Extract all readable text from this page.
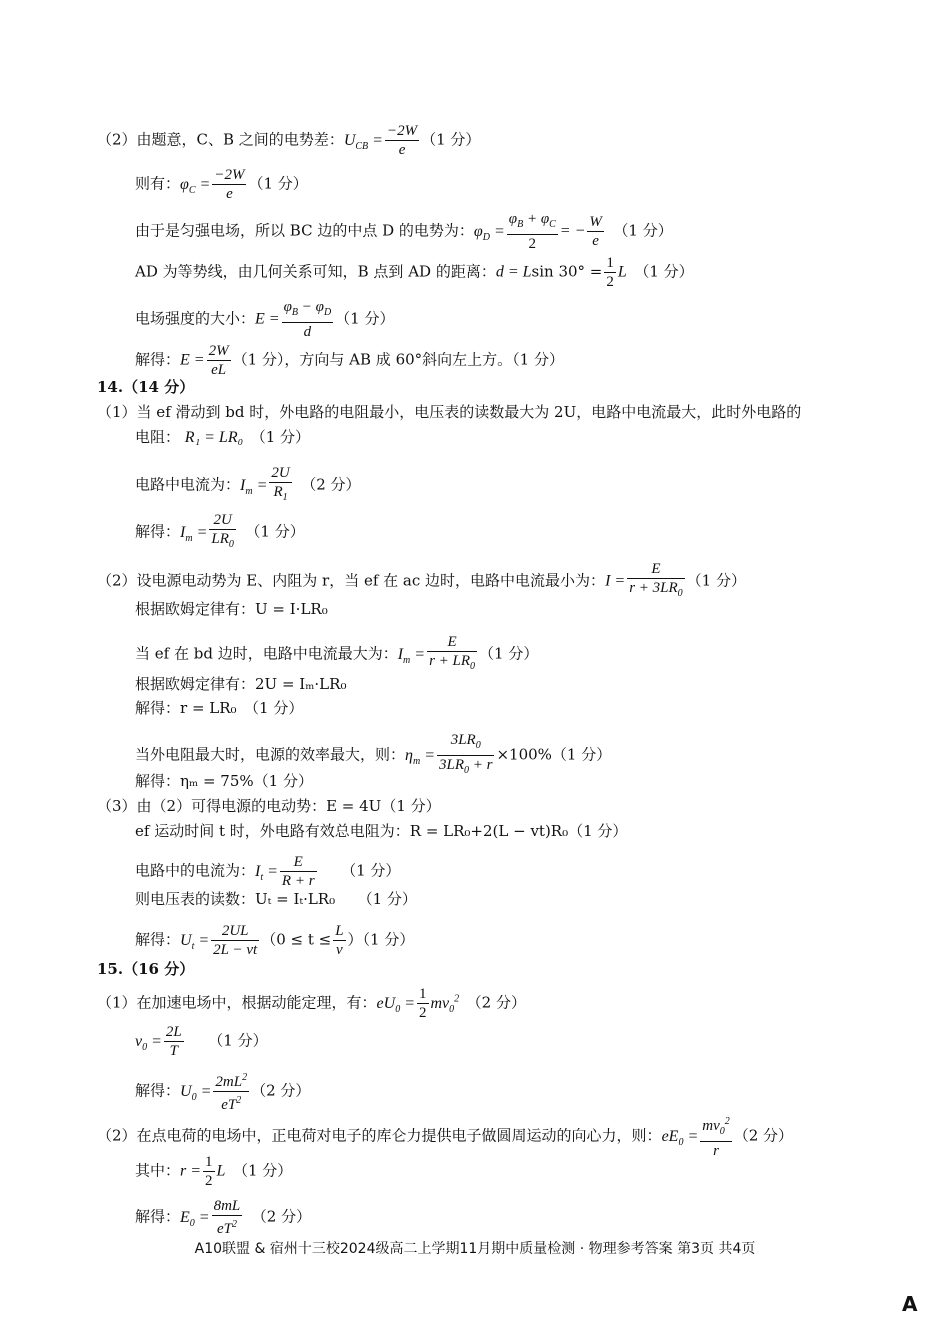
（2）由题意，C、B 之间的电势差：$U_{CB} = \frac{-2W}{e} (1$ 分）
则有：$\varphi_C = \frac{-2W}{e} (1$ 分）
由于是匀强电场，所以 BC 边的中点 D 的电势为：$\varphi_D = \frac{\varphi_B + \varphi_C}{2}$ = − $\frac{W}{e}$
　 （1 分）
AD 为等势线，由几何关系可知，B 点到 AD 的距离：d = Lsin $30^\circ = \frac{1}{2}$ L　 （1 分）
电场强度的大小：$E = \frac{\varphi_B - \varphi_D}{d} (1$ 分）
解得：$E = \frac{2W}{eL} (1$ 分），方向与 AB 成 60°斜向左上方。（1 分）
14.（14 分）
（1）当 ef 滑动到 bd 时，外电路的电阻最小，电压表的读数最大为 2U，电路中电流最大，此时外电路的
电阻： R₁ = LR₀　 （1 分）
电路中电流为：$I_m = \frac{2U}{R_1}$
　 （2 分）
解得：$I_m = \frac{2U}{LR_0}$
　 （1 分）
（2）设电源电动势为 E、内阻为 r，当 ef 在 ac 边时，电路中电流最小为：$I = \frac{E}{r + 3LR_0} (1$ 分）
根据欧姆定律有：U = I·LR₀
当 ef 在 bd 边时，电路中电流最大为：$I_m = \frac{E}{r + LR_0} (1$ 分）
根据欧姆定律有：2U = Iₘ·LR₀
解得：r = LR₀　（1 分）
当外电阻最大时，电源的效率最大，则：$\eta_m = \frac{3LR_0}{3LR_0 + r} \times 100\%(1$ 分）
解得：ηₘ = 75%（1 分）
（3）由（2）可得电源的电动势：E = 4U（1 分）
ef 运动时间 t 时，外电路有效总电阻为：R = LR₀+2(L − vt)R₀（1 分）
电路中的电流为：$I_t = \frac{E}{R + r}$
　　 （1 分）
则电压表的读数：Uₜ = Iₜ·LR₀　　（1 分）
解得：$U_t = \frac{2UL}{2L - vt} (0 \le t \le \frac{L}{v} )(1$ 分）
15.（16 分）
（1）在加速电场中，根据动能定理，有：$eU_0 = \frac{1}{2} mv_0^2$　 （2 分）
$v_0 = \frac{2L}{T}$
　　 （1 分）
解得：$U_0 = \frac{2mL^2}{eT^2} (2$ 分）
（2）在点电荷的电场中，正电荷对电子的库仑力提供电子做圆周运动的向心力，则：$eE_0 = \frac{mv_0^2}{r} (2$ 分）
其中：$r = \frac{1}{2}$ L　 （1 分）
解得：$E_0 = \frac{8mL}{eT^2}$
　 （2 分）
A10联盟 & 宿州十三校2024级高二上学期11月期中质量检测 · 物理参考答案 第3页 共4页
A
